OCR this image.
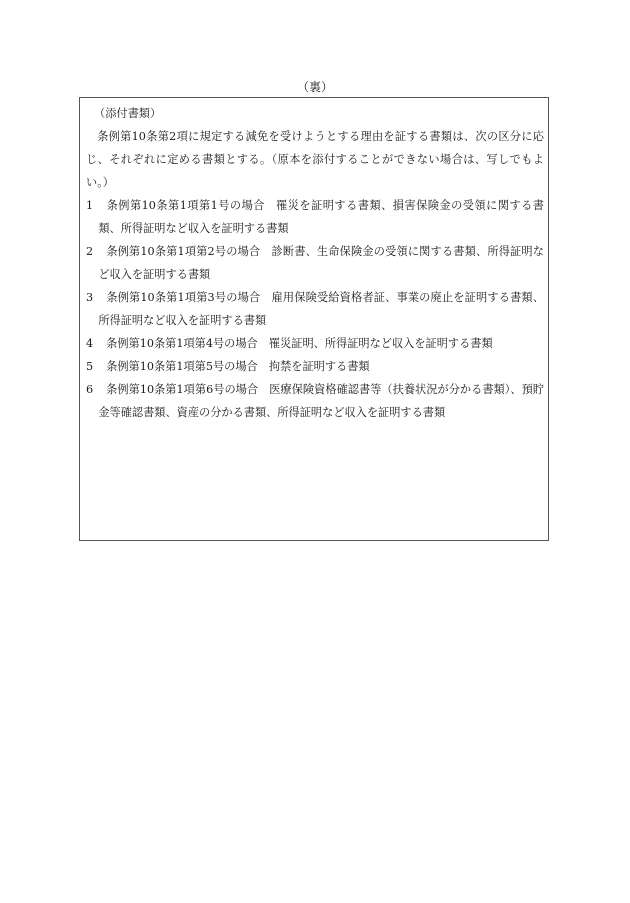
（裏）
（添付書類）

条例第10条第2項に規定する減免を受けようとする理由を証する書類は、次の区分に応じ、それぞれに定める書類とする。（原本を添付することができない場合は、写しでもよい。）

1 条例第10条第1項第1号の場合 罹災を証明する書類、損害保険金の受領に関する書類、所得証明など収入を証明する書類
2 条例第10条第1項第2号の場合 診断書、生命保険金の受領に関する書類、所得証明など収入を証明する書類
3 条例第10条第1項第3号の場合 雇用保険受給資格者証、事業の廃止を証明する書類、所得証明など収入を証明する書類
4 条例第10条第1項第4号の場合 罹災証明、所得証明など収入を証明する書類
5 条例第10条第1項第5号の場合 拘禁を証明する書類
6 条例第10条第1項第6号の場合 医療保険資格確認書等（扶養状況が分かる書類）、預貯金等確認書類、資産の分かる書類、所得証明など収入を証明する書類
